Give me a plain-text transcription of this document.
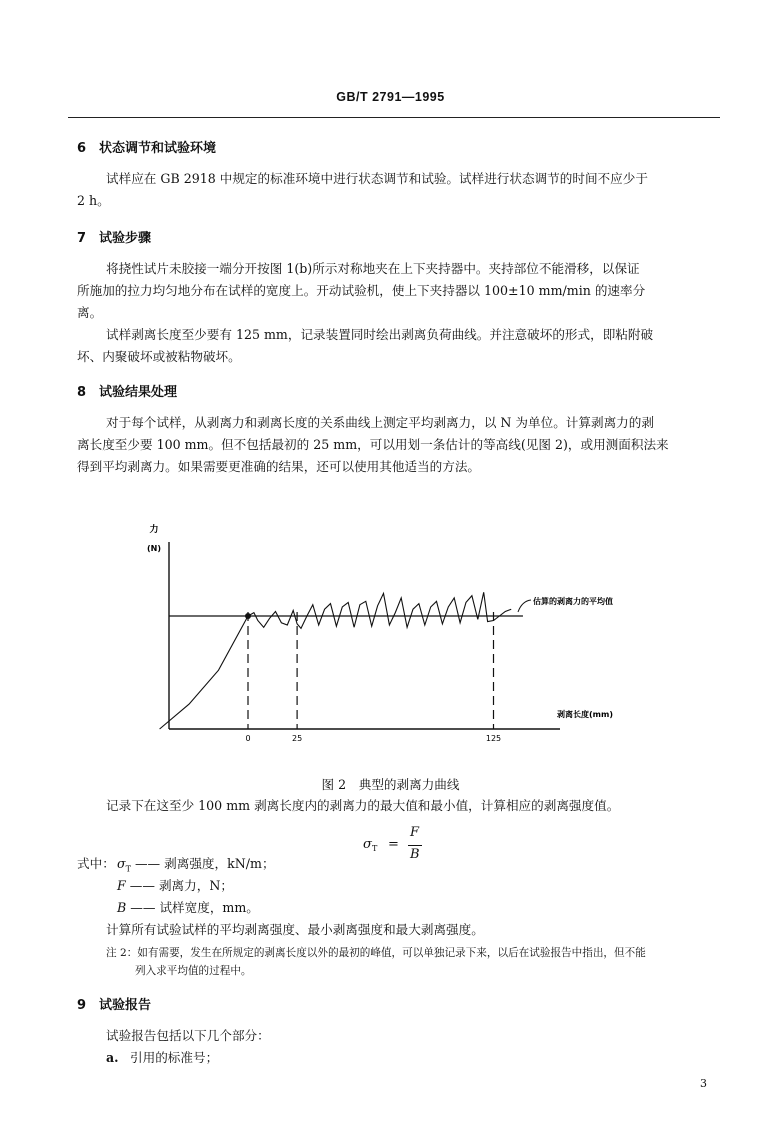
GB/T 2791—1995
6　状态调节和试验环境
试样应在 GB 2918 中规定的标准环境中进行状态调节和试验。试样进行状态调节的时间不应少于
2 h。
7　试验步骤
将挠性试片未胶接一端分开按图 1(b)所示对称地夹在上下夹持器中。夹持部位不能滑移，以保证
所施加的拉力均匀地分布在试样的宽度上。开动试验机，使上下夹持器以 100±10 mm/min 的速率分
离。
试样剥离长度至少要有 125 mm，记录装置同时绘出剥离负荷曲线。并注意破坏的形式，即粘附破
坏、内聚破坏或被粘物破坏。
8　试验结果处理
对于每个试样，从剥离力和剥离长度的关系曲线上测定平均剥离力，以 N 为单位。计算剥离力的剥
离长度至少要 100 mm。但不包括最初的 25 mm，可以用划一条估计的等高线(见图 2)，或用测面积法来
得到平均剥离力。如果需要更准确的结果，还可以使用其他适当的方法。
力
(N)
剥离长度(mm)
估算的剥离力的平均值
0	25	125
图 2　典型的剥离力曲线
记录下在这至少 100 mm 剥离长度内的剥离力的最大值和最小值，计算相应的剥离强度值。
σ T =
F
B
式中： $\sigma_T$ —— 剥离强度，kN/m；
F —— 剥离力，N；
B —— 试样宽度，mm。
计算所有试验试样的平均剥离强度、最小剥离强度和最大剥离强度。
注 2：如有需要，发生在所规定的剥离长度以外的最初的峰值，可以单独记录下来，以后在试验报告中指出，但不能
列入求平均值的过程中。
9　试验报告
试验报告包括以下几个部分：
a. 引用的标准号；
3
